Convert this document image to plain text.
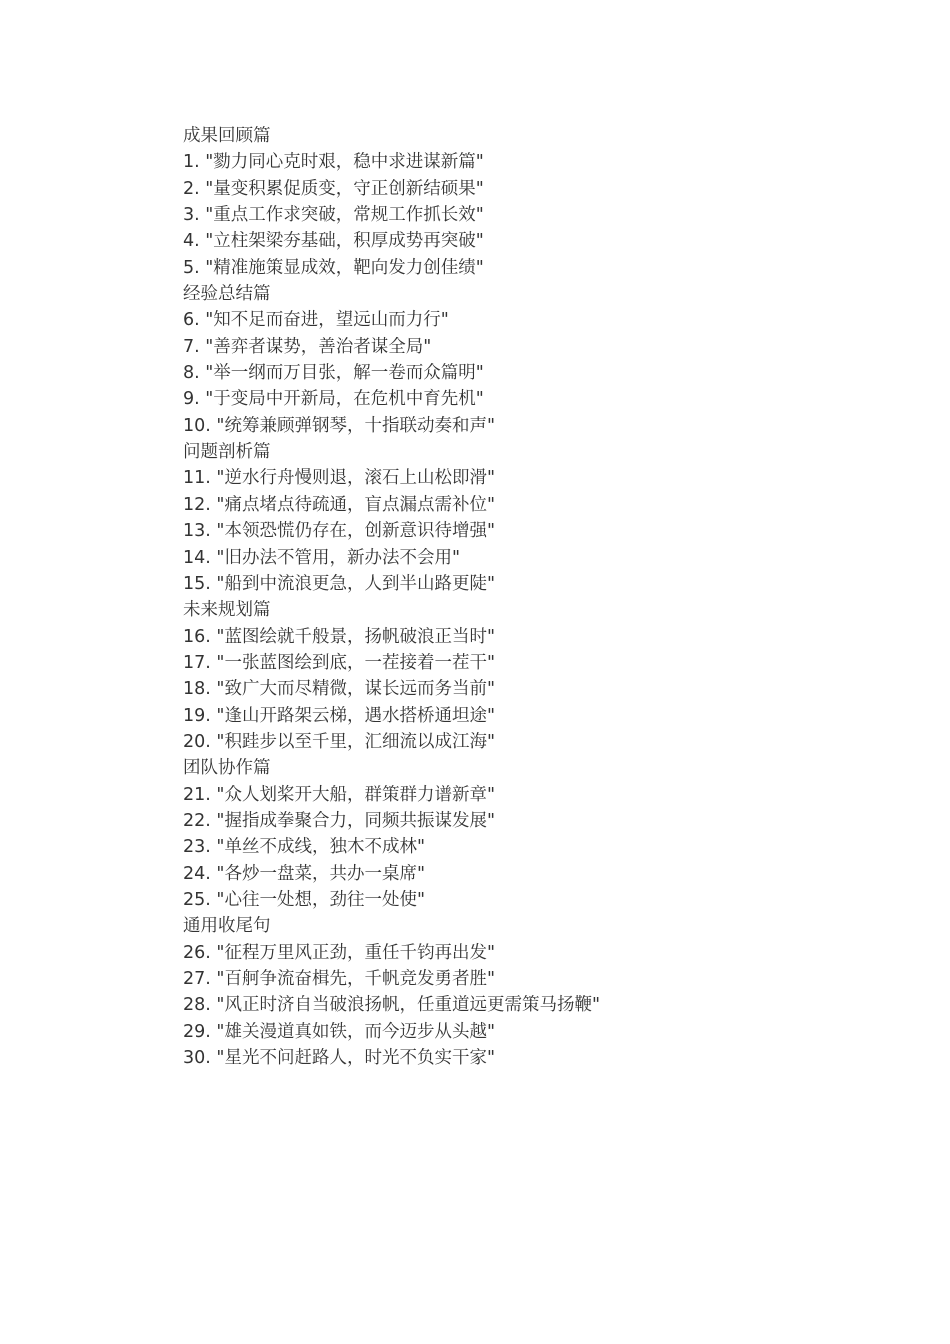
成果回顾篇
1. "勠力同心克时艰，稳中求进谋新篇"
2. "量变积累促质变，守正创新结硕果"
3. "重点工作求突破，常规工作抓长效"
4. "立柱架梁夯基础，积厚成势再突破"
5. "精准施策显成效，靶向发力创佳绩"
经验总结篇
6. "知不足而奋进，望远山而力行"
7. "善弈者谋势，善治者谋全局"
8. "举一纲而万目张，解一卷而众篇明"
9. "于变局中开新局，在危机中育先机"
10. "统筹兼顾弹钢琴，十指联动奏和声"
问题剖析篇
11. "逆水行舟慢则退，滚石上山松即滑"
12. "痛点堵点待疏通，盲点漏点需补位"
13. "本领恐慌仍存在，创新意识待增强"
14. "旧办法不管用，新办法不会用"
15. "船到中流浪更急，人到半山路更陡"
未来规划篇
16. "蓝图绘就千般景，扬帆破浪正当时"
17. "一张蓝图绘到底，一茬接着一茬干"
18. "致广大而尽精微，谋长远而务当前"
19. "逢山开路架云梯，遇水搭桥通坦途"
20. "积跬步以至千里，汇细流以成江海"
团队协作篇
21. "众人划桨开大船，群策群力谱新章"
22. "握指成拳聚合力，同频共振谋发展"
23. "单丝不成线，独木不成林"
24. "各炒一盘菜，共办一桌席"
25. "心往一处想，劲往一处使"
通用收尾句
26. "征程万里风正劲，重任千钧再出发"
27. "百舸争流奋楫先，千帆竞发勇者胜"
28. "风正时济自当破浪扬帆，任重道远更需策马扬鞭"
29. "雄关漫道真如铁，而今迈步从头越"
30. "星光不问赶路人，时光不负实干家"
